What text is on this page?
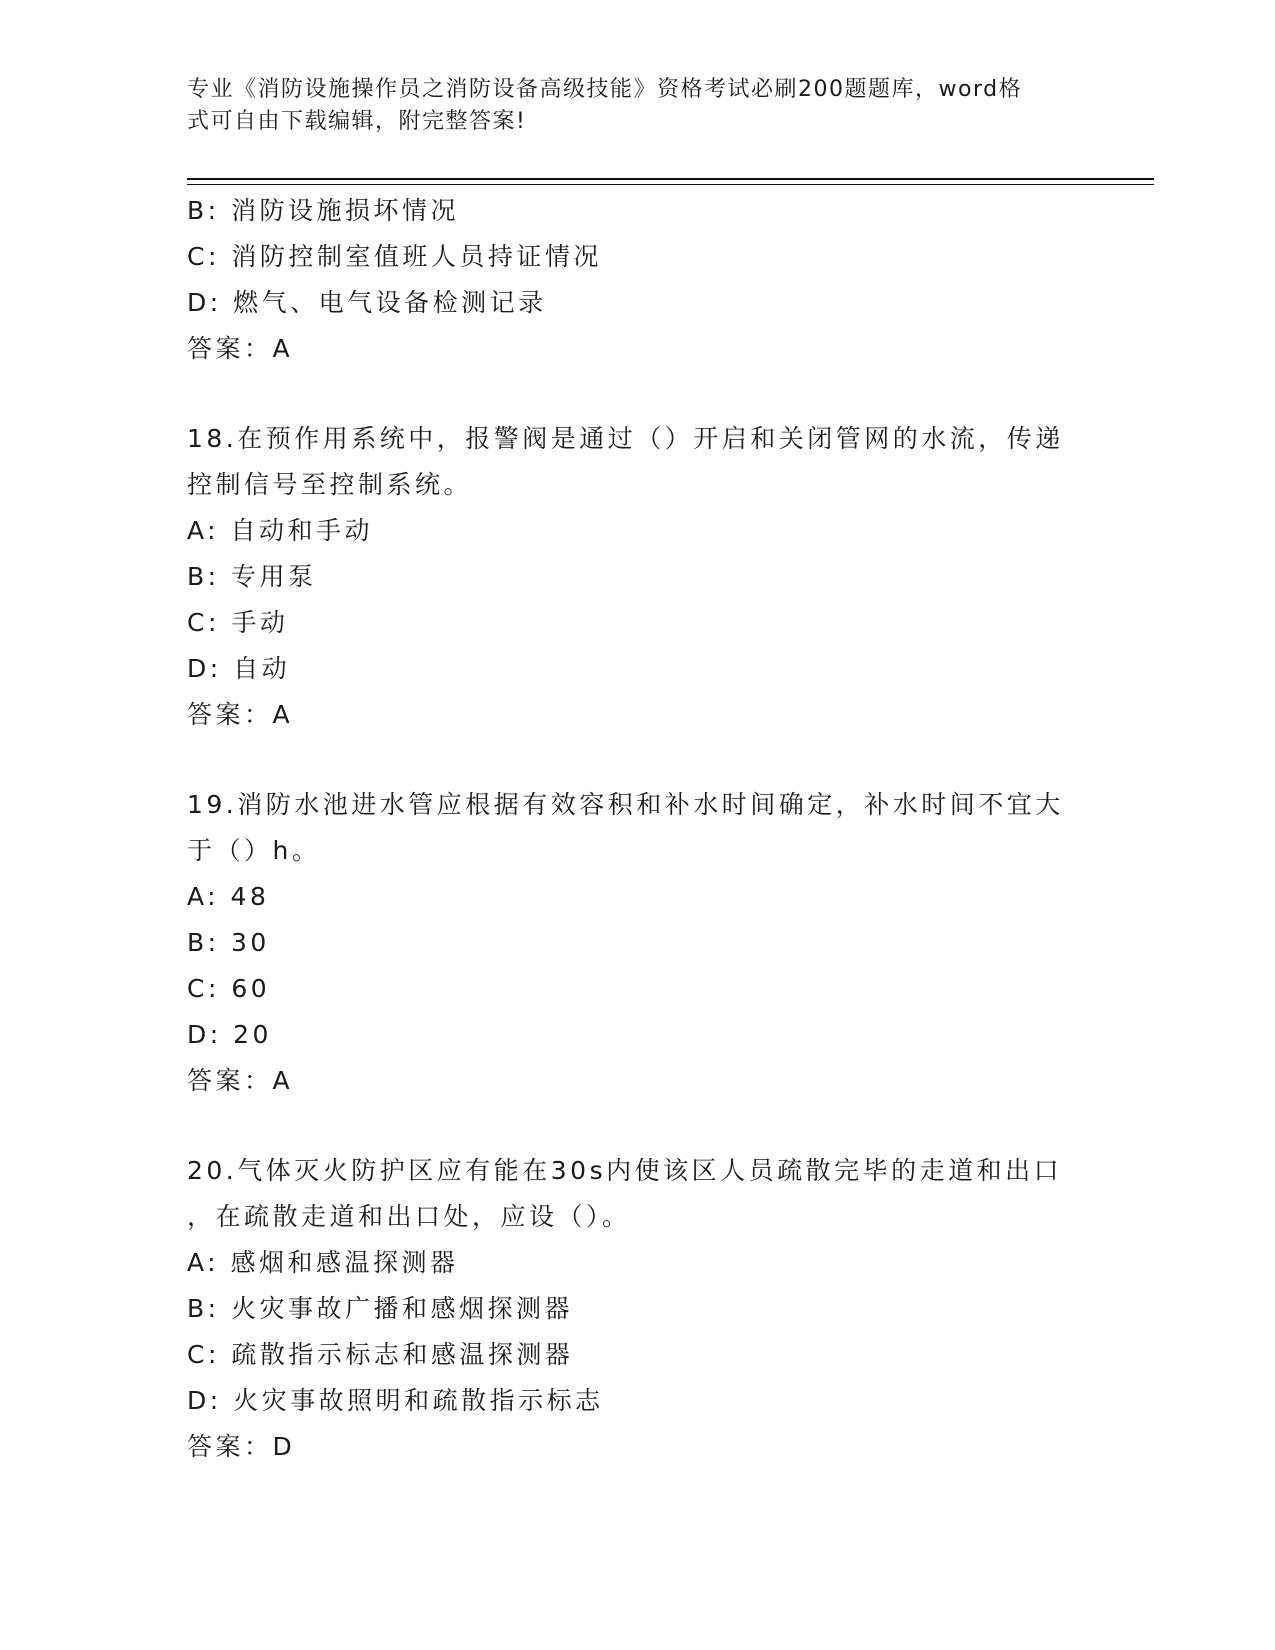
专业《消防设施操作员之消防设备高级技能》资格考试必刷200题题库，word格
式可自由下载编辑，附完整答案!
B: 消防设施损坏情况
C: 消防控制室值班人员持证情况
D: 燃气、电气设备检测记录
答案：A
18.在预作用系统中，报警阀是通过（）开启和关闭管网的水流，传递
控制信号至控制系统。
A: 自动和手动
B: 专用泵
C: 手动
D: 自动
答案：A
19.消防水池进水管应根据有效容积和补水时间确定，补水时间不宜大
于（）h。
A: 48
B: 30
C: 60
D: 20
答案：A
20.气体灭火防护区应有能在30s内使该区人员疏散完毕的走道和出口
，在疏散走道和出口处，应设（）。
A: 感烟和感温探测器
B: 火灾事故广播和感烟探测器
C: 疏散指示标志和感温探测器
D: 火灾事故照明和疏散指示标志
答案：D
